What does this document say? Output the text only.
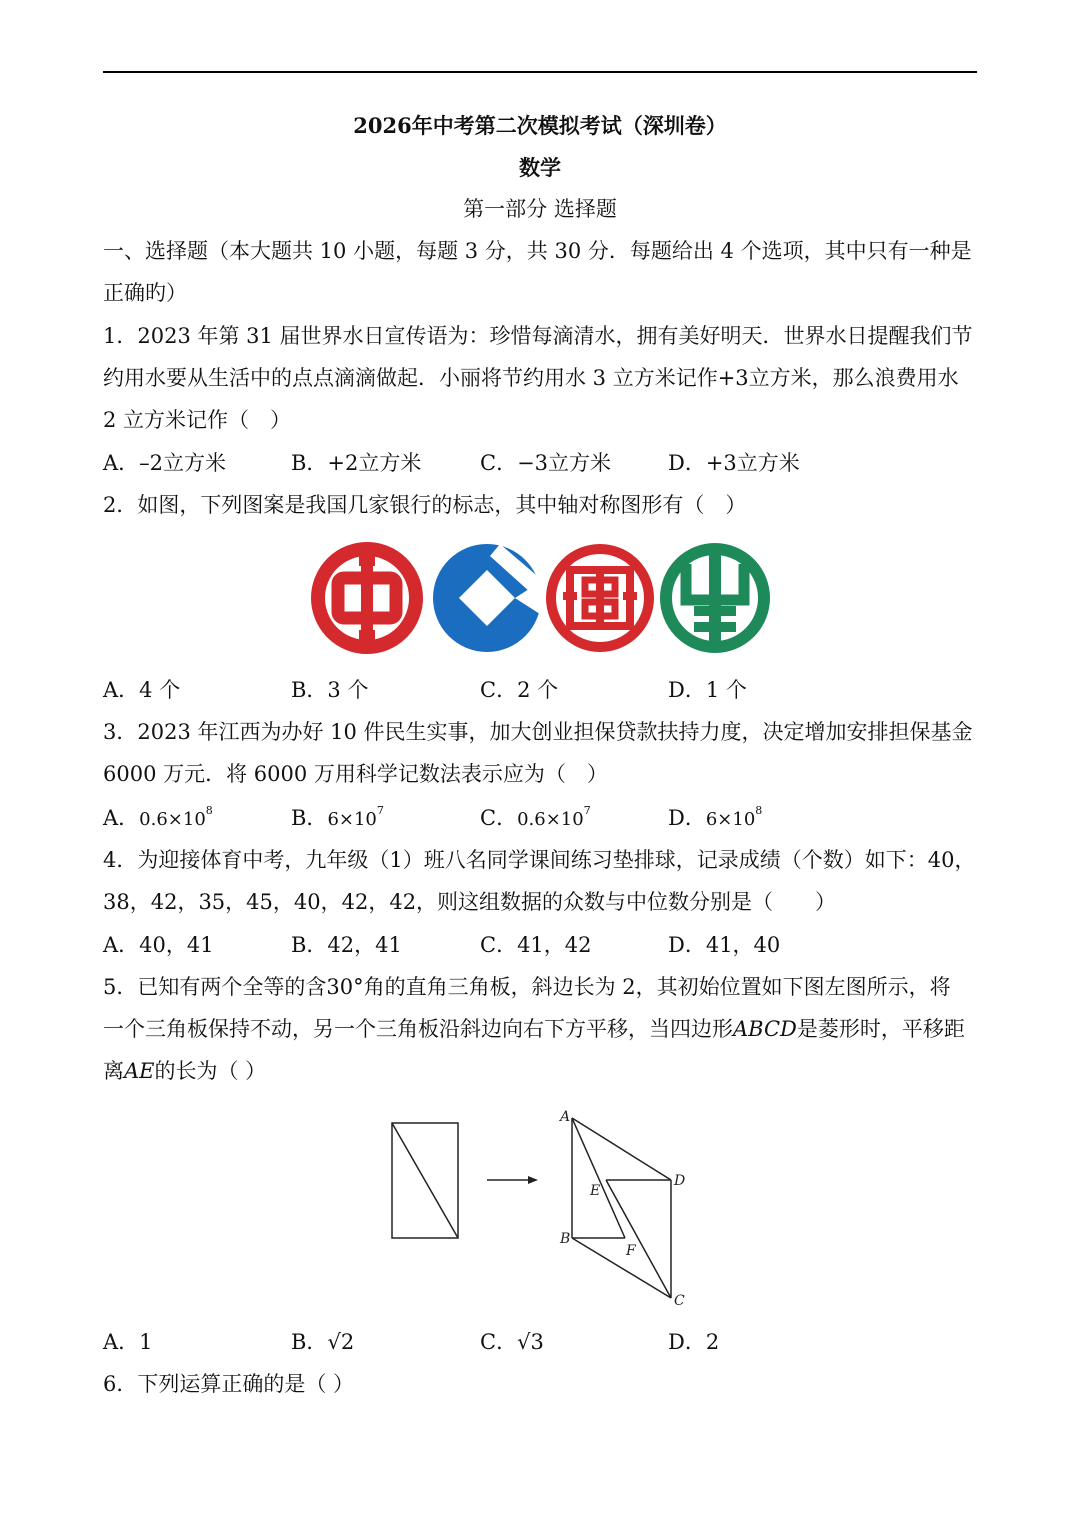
2026年中考第二次模拟考试（深圳卷）
数学
第一部分 选择题
一、选择题（本大题共 10 小题，每题 3 分，共 30 分．每题给出 4 个选项，其中只有一种是
正确旳）
1．2023 年第 31 届世界水日宣传语为：珍惜每滴清水，拥有美好明天．世界水日提醒我们节
约用水要从生活中的点点滴滴做起．小丽将节约用水 3 立方米记作+3立方米，那么浪费用水
2 立方米记作（　）
A．–2立方米	B．+2立方米	C．−3立方米	D．+3立方米
2．如图，下列图案是我国几家银行的标志，其中轴对称图形有（　）
A．4 个	B．3 个	C．2 个	D．1 个
3．2023 年江西为办好 10 件民生实事，加大创业担保贷款扶持力度，决定增加安排担保基金
6000 万元．将 6000 万用科学记数法表示应为（　）
A．$0.6\times 10^8$	B．$6\times 10^7$	C．$0.6\times 10^7$	D．$6\times 10^8$
4．为迎接体育中考，九年级（1）班八名同学课间练习垫排球，记录成绩（个数）如下：40，
38，42，35，45，40，42，42，则这组数据的众数与中位数分别是（　　）
A．40，41	B．42，41	C．41，42	D．41，40
5．已知有两个全等的含30°角的直角三角板，斜边长为 2，其初始位置如下图左图所示，将
一个三角板保持不动，另一个三角板沿斜边向右下方平移，当四边形ABCD是菱形时，平移距
离AE的长为（ ）
A
B
C
D
E
F
A．1	B．√2	C．√3	D．2
6．下列运算正确的是（ ）
